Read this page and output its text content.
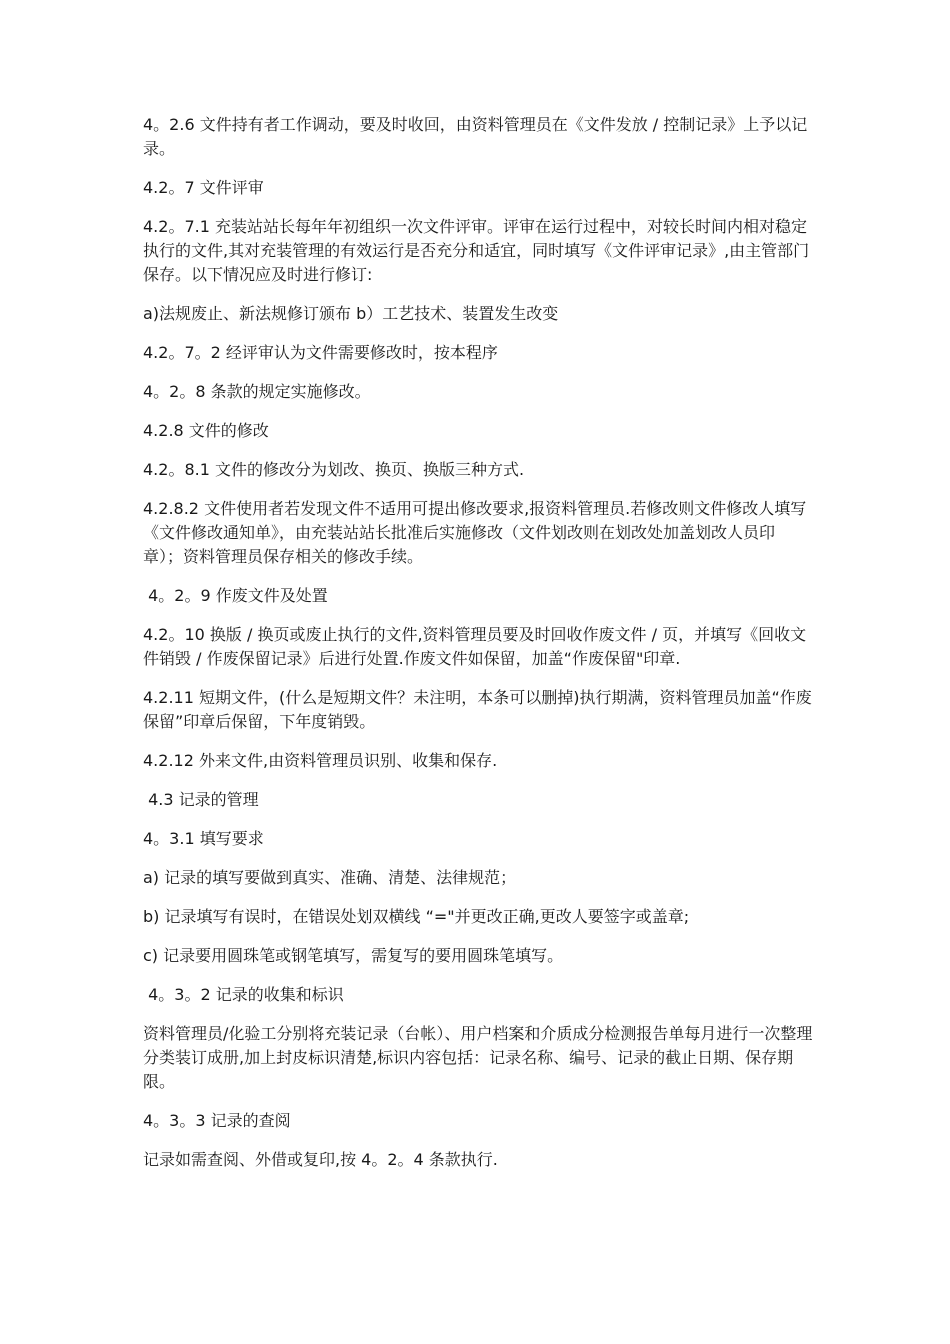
4。2.6 文件持有者工作调动，要及时收回，由资料管理员在《文件发放 / 控制记录》上予以记录。

4.2。7 文件评审

4.2。7.1 充装站站长每年年初组织一次文件评审。评审在运行过程中，对较长时间内相对稳定执行的文件,其对充装管理的有效运行是否充分和适宜，同时填写《文件评审记录》,由主管部门保存。以下情况应及时进行修订:

a)法规废止、新法规修订颁布 b）工艺技术、装置发生改变

4.2。7。2 经评审认为文件需要修改时，按本程序

4。2。8 条款的规定实施修改。

4.2.8 文件的修改

4.2。8.1 文件的修改分为划改、换页、换版三种方式.

4.2.8.2 文件使用者若发现文件不适用可提出修改要求,报资料管理员.若修改则文件修改人填写《文件修改通知单》，由充装站站长批准后实施修改（文件划改则在划改处加盖划改人员印章）；资料管理员保存相关的修改手续。

4。2。9 作废文件及处置

4.2。10 换版 / 换页或废止执行的文件,资料管理员要及时回收作废文件 / 页，并填写《回收文件销毁 / 作废保留记录》后进行处置.作废文件如保留，加盖“作废保留"印章.

4.2.11 短期文件，(什么是短期文件？未注明，本条可以删掉)执行期满，资料管理员加盖“作废保留”印章后保留，下年度销毁。

4.2.12 外来文件,由资料管理员识别、收集和保存.

4.3 记录的管理

4。3.1 填写要求

a) 记录的填写要做到真实、准确、清楚、法律规范；

b) 记录填写有误时，在错误处划双横线 “="并更改正确,更改人要签字或盖章;

c) 记录要用圆珠笔或钢笔填写，需复写的要用圆珠笔填写。

4。3。2 记录的收集和标识

资料管理员/化验工分别将充装记录（台帐）、用户档案和介质成分检测报告单每月进行一次整理分类装订成册,加上封皮标识清楚,标识内容包括：记录名称、编号、记录的截止日期、保存期限。

4。3。3 记录的查阅

记录如需查阅、外借或复印,按 4。2。4 条款执行.
